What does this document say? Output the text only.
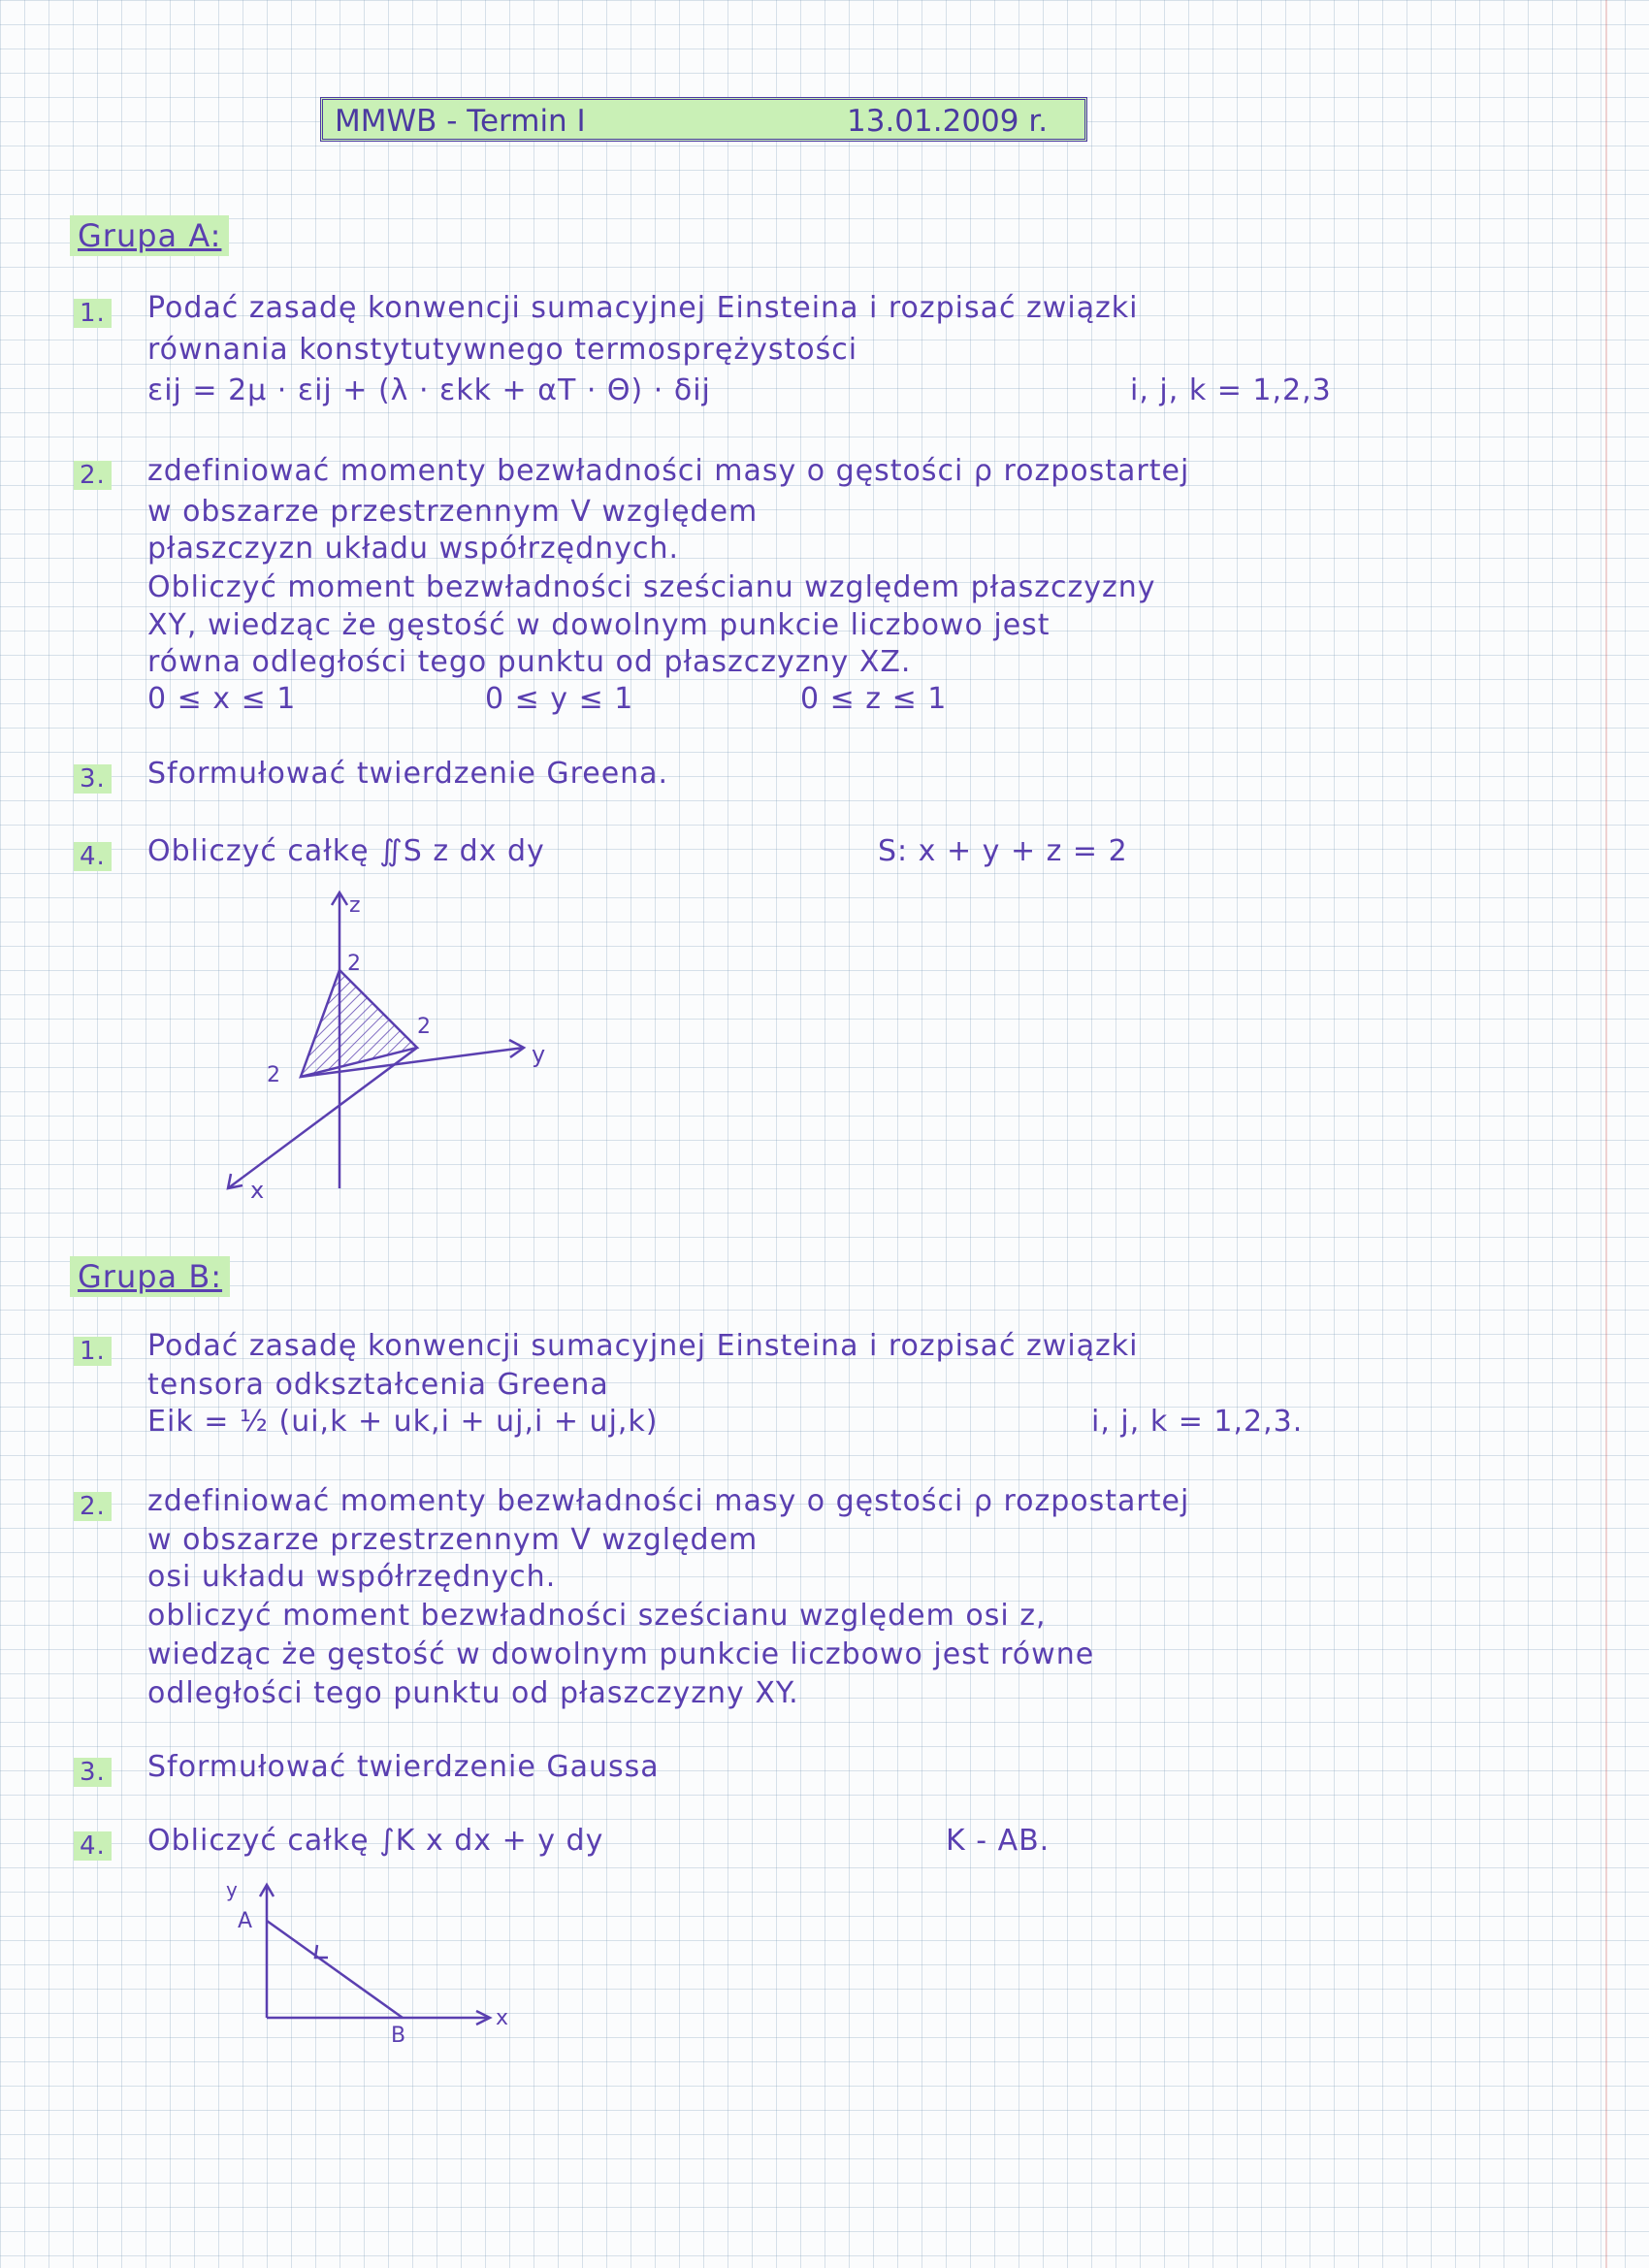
MMWB - Termin I	13.01.2009 r.
Grupa A:
1. Podać zasadę konwencji sumacyjnej Einsteina i rozpisać związki
równania konstytutywnego termosprężystości
εij = 2μ · εij + (λ · εkk + αT · Θ) · δij	i, j, k = 1,2,3
2. zdefiniować momenty bezwładności masy o gęstości ρ rozpostartej
w obszarze przestrzennym V względem
płaszczyzn układu współrzędnych.
Obliczyć moment bezwładności sześcianu względem płaszczyzny
XY, wiedząc że gęstość w dowolnym punkcie liczbowo jest
równa odległości tego punktu od płaszczyzny XZ.
0 ≤ x ≤ 1	0 ≤ y ≤ 1	0 ≤ z ≤ 1
3. Sformułować twierdzenie Greena.
4. Obliczyć całkę ∬S z dx dy	S: x + y + z = 2
z
2
2
2
y
x
Grupa B:
1. Podać zasadę konwencji sumacyjnej Einsteina i rozpisać związki
tensora odkształcenia Greena
Eik = ½ (ui,k + uk,i + uj,i + uj,k)	i, j, k = 1,2,3.
2. zdefiniować momenty bezwładności masy o gęstości ρ rozpostartej
w obszarze przestrzennym V względem
osi układu współrzędnych.
obliczyć moment bezwładności sześcianu względem osi z,
wiedząc że gęstość w dowolnym punkcie liczbowo jest równe
odległości tego punktu od płaszczyzny XY.
3. Sformułować twierdzenie Gaussa
4. Obliczyć całkę ∫K x dx + y dy	K - AB.
y
A
B
x
